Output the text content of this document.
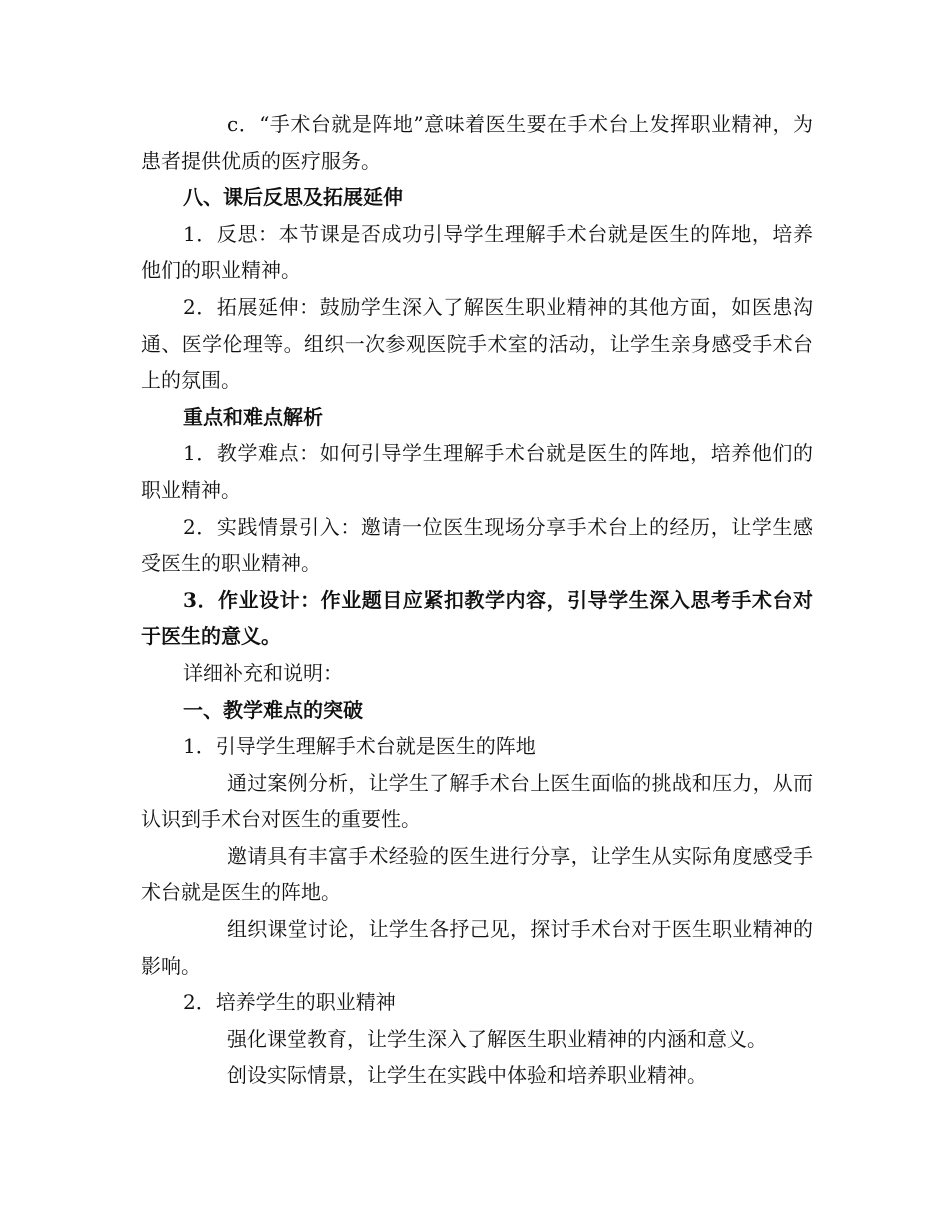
c．“手术台就是阵地”意味着医生要在手术台上发挥职业精神，为患者提供优质的医疗服务。

八、课后反思及拓展延伸

1．反思：本节课是否成功引导学生理解手术台就是医生的阵地，培养他们的职业精神。

2．拓展延伸：鼓励学生深入了解医生职业精神的其他方面，如医患沟通、医学伦理等。组织一次参观医院手术室的活动，让学生亲身感受手术台上的氛围。

重点和难点解析

1．教学难点：如何引导学生理解手术台就是医生的阵地，培养他们的职业精神。

2．实践情景引入：邀请一位医生现场分享手术台上的经历，让学生感受医生的职业精神。

3．作业设计：作业题目应紧扣教学内容，引导学生深入思考手术台对于医生的意义。

详细补充和说明：

一、教学难点的突破

1．引导学生理解手术台就是医生的阵地

通过案例分析，让学生了解手术台上医生面临的挑战和压力，从而认识到手术台对医生的重要性。

邀请具有丰富手术经验的医生进行分享，让学生从实际角度感受手术台就是医生的阵地。

组织课堂讨论，让学生各抒己见，探讨手术台对于医生职业精神的影响。

2．培养学生的职业精神

强化课堂教育，让学生深入了解医生职业精神的内涵和意义。

创设实际情景，让学生在实践中体验和培养职业精神。
